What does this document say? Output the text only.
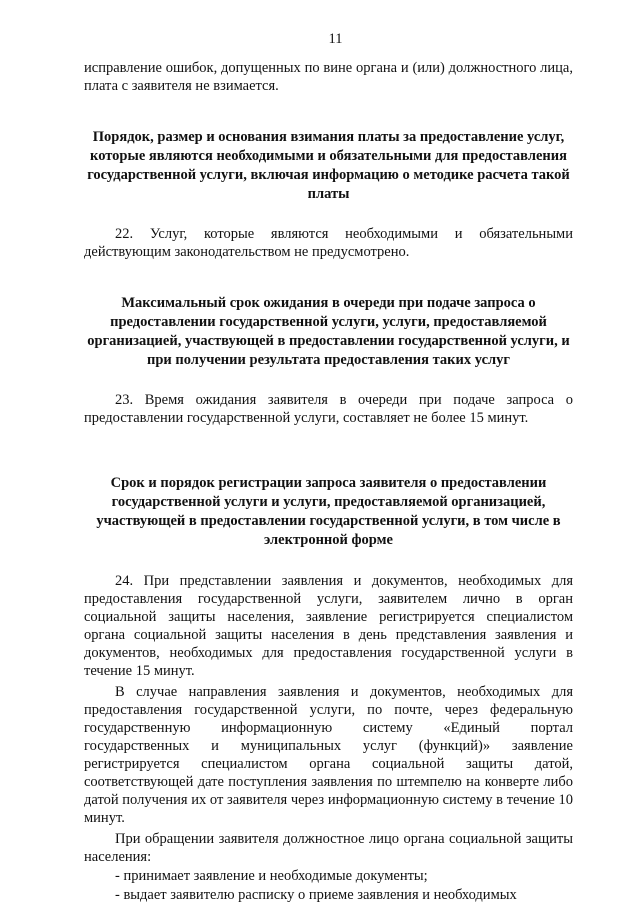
11

исправление ошибок, допущенных по вине органа и (или) должностного лица, плата с заявителя не взимается.

Порядок, размер и основания взимания платы за предоставление услуг, которые являются необходимыми и обязательными для предоставления государственной услуги, включая информацию о методике расчета такой платы

22. Услуг, которые являются необходимыми и обязательными действующим законодательством не предусмотрено.

Максимальный срок ожидания в очереди при подаче запроса о предоставлении государственной услуги, услуги, предоставляемой организацией, участвующей в предоставлении государственной услуги, и при получении результата предоставления таких услуг

23. Время ожидания заявителя в очереди при подаче запроса о предоставлении государственной услуги, составляет не более 15 минут.

Срок и порядок регистрации запроса заявителя о предоставлении государственной услуги и услуги, предоставляемой организацией, участвующей в предоставлении государственной услуги, в том числе в электронной форме

24. При представлении заявления и документов, необходимых для предоставления государственной услуги, заявителем лично в орган социальной защиты населения, заявление регистрируется специалистом органа социальной защиты населения в день представления заявления и документов, необходимых для предоставления государственной услуги в течение 15 минут.

В случае направления заявления и документов, необходимых для предоставления государственной услуги, по почте, через федеральную государственную информационную систему «Единый портал государственных и муниципальных услуг (функций)» заявление регистрируется специалистом органа социальной защиты датой, соответствующей дате поступления заявления по штемпелю на конверте либо датой получения их от заявителя через информационную систему в течение 10 минут.

При обращении заявителя должностное лицо органа социальной защиты населения:

- принимает заявление и необходимые документы;

- выдает заявителю расписку о приеме заявления и необходимых
